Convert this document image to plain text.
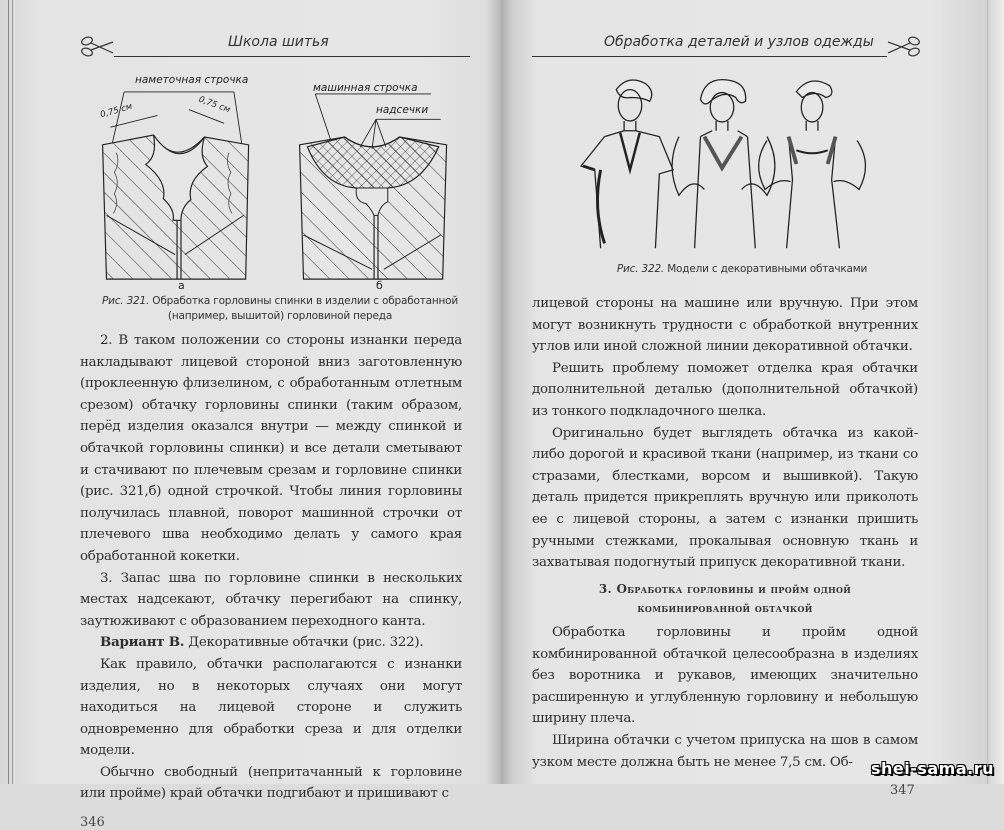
Школа шитья
наметочная строчка
0,75 см	0,75 см
машинная строчка
надсечки
а	б
Рис. 321. Обработка горловины спинки в изделии с обработанной (например, вышитой) горловиной переда

2. В таком положении со стороны изнанки переда накладывают лицевой стороной вниз заготовленную (проклеенную флизелином, с обработанным отлетным срезом) обтачку горловины спинки (таким образом, перёд изделия оказался внутри — между спинкой и обтачкой горловины спинки) и все детали сметывают и стачивают по плечевым срезам и горловине спинки (рис. 321,б) одной строчкой. Чтобы линия горловины получилась плавной, поворот машинной строчки от плечевого шва необходимо делать у самого края обработанной кокетки.

3. Запас шва по горловине спинки в нескольких местах надсекают, обтачку перегибают на спинку, заутюживают с образованием переходного канта.

Вариант В. Декоративные обтачки (рис. 322).

Как правило, обтачки располагаются с изнанки изделия, но в некоторых случаях они могут находиться на лицевой стороне и служить одновременно для обработки среза и для отделки модели.

Обычно свободный (непритачанный к горловине или пройме) край обтачки подгибают и пришивают с

346
Обработка деталей и узлов одежды
Рис. 322. Модели с декоративными обтачками

лицевой стороны на машине или вручную. При этом могут возникнуть трудности с обработкой внутренних углов или иной сложной линии декоративной обтачки.

Решить проблему поможет отделка края обтачки дополнительной деталью (дополнительной обтачкой) из тонкого подкладочного шелка.

Оригинально будет выглядеть обтачка из какой-либо дорогой и красивой ткани (например, из ткани со стразами, блестками, ворсом и вышивкой). Такую деталь придется прикреплять вручную или приколоть ее с лицевой стороны, а затем с изнанки пришить ручными стежками, прокалывая основную ткань и захватывая подогнутый припуск декоративной ткани.

3. Обработка горловины и пройм одной
комбинированной обтачкой

Обработка горловины и пройм одной комбинированной обтачкой целесообразна в изделиях без воротника и рукавов, имеющих значительно расширенную и углубленную горловину и небольшую ширину плеча.

Ширина обтачки с учетом припуска на шов в самом узком месте должна быть не менее 7,5 см. Об-

347
shei-sama.ru
